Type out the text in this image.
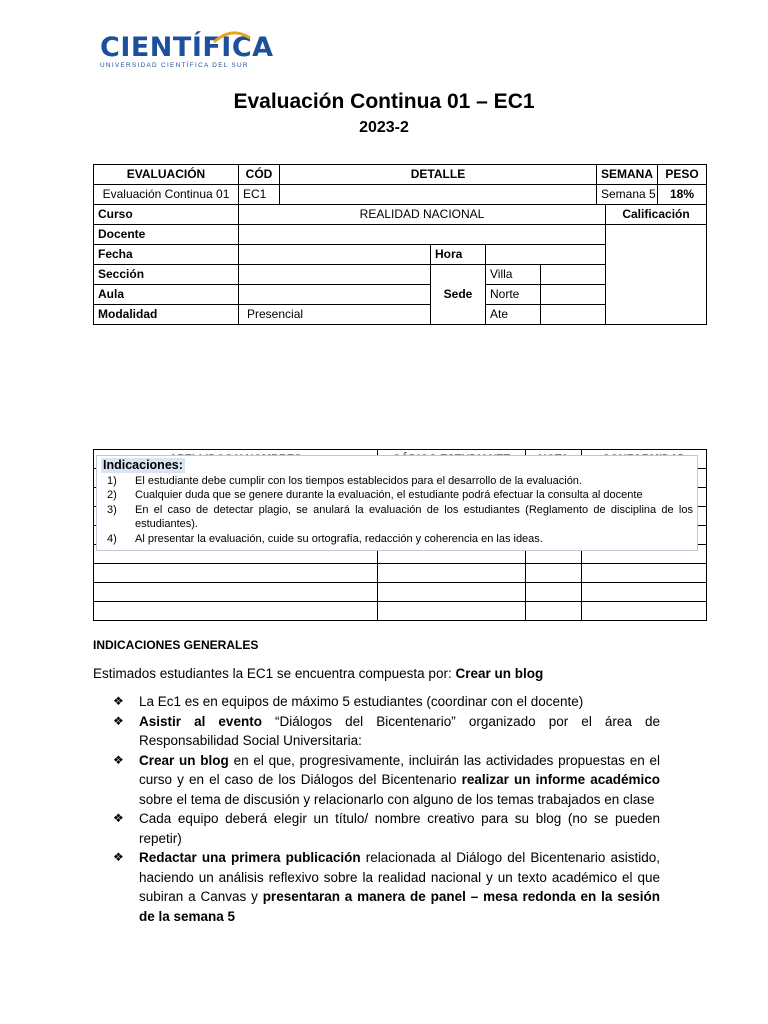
CIENTÍFICA
UNIVERSIDAD CIENTÍFICA DEL SUR
Evaluación Continua 01 – EC1
2023-2
EVALUACIÓN	CÓD	DETALLE	SEMANA	PESO
Evaluación Continua 01	EC1		Semana 5	18%
Curso	REALIDAD NACIONAL				Calificación
Docente					
Fecha		Hora			
Sección		Sede	Villa		
Aula			Norte		
Modalidad	Presencial		Ate		

Indicaciones:
1)	El estudiante debe cumplir con los tiempos establecidos para el desarrollo de la evaluación.
2)	Cualquier duda que se genere durante la evaluación, el estudiante podrá efectuar la consulta al docente
3)	En el caso de detectar plagio, se anulará la evaluación de los estudiantes (Reglamento de disciplina de los estudiantes).
4)	Al presentar la evaluación, cuide su ortografía, redacción y coherencia en las ideas.
INDICACIONES GENERALES
Estimados estudiantes la EC1 se encuentra compuesta por: Crear un blog
❖	La Ec1 es en equipos de máximo 5 estudiantes (coordinar con el docente)
❖	Asistir al evento “Diálogos del Bicentenario” organizado por el área de Responsabilidad Social Universitaria:
❖	Crear un blog en el que, progresivamente, incluirán las actividades propuestas en el curso y en el caso de los Diálogos del Bicentenario realizar un informe académico sobre el tema de discusión y relacionarlo con alguno de los temas trabajados en clase
❖	Cada equipo deberá elegir un título/ nombre creativo para su blog (no se pueden repetir)
❖	Redactar una primera publicación relacionada al Diálogo del Bicentenario asistido, haciendo un análisis reflexivo sobre la realidad nacional y un texto académico el que subiran a Canvas y presentaran a manera de panel – mesa redonda en la sesión de la semana 5
